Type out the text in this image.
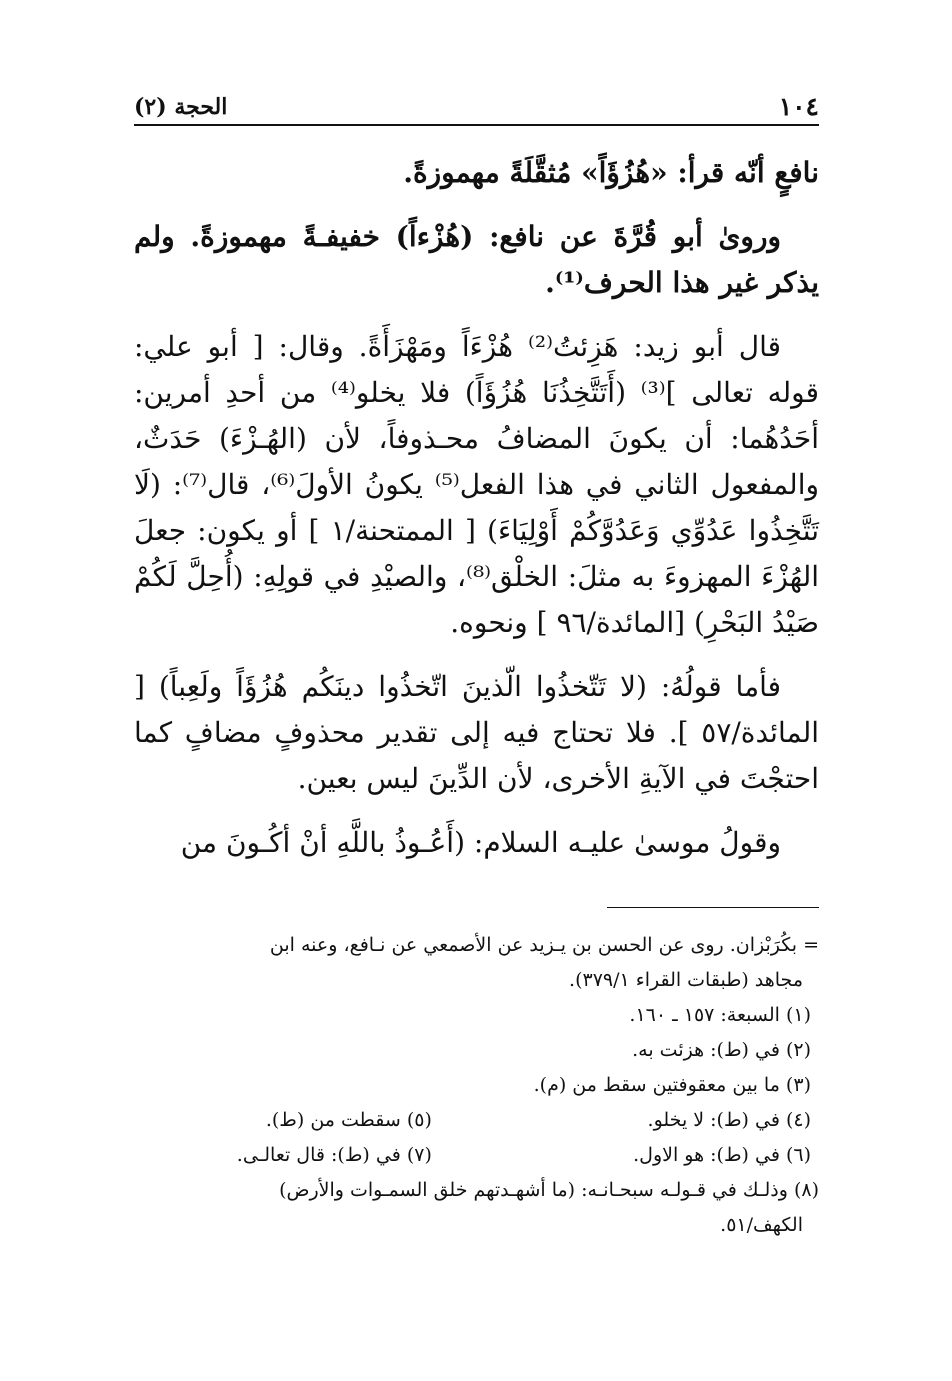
١٠٤
الحجة (٢)

نافعٍ أنّه قرأ: «هُزُؤَاً» مُثقَّلَةً مهموزةً.

وروىٰ أبو قُرَّةَ عن نافع: (هُزْءاً) خفيفـةً مهموزةً. ولم يذكر غير هذا الحرف⁽¹⁾.

قال أبو زيد: هَزِئتُ⁽²⁾ هُزْءَاً ومَهْزَأَةً. وقال: [ أبو علي: قوله تعالى ]⁽³⁾ (أَتَتَّخِذُنَا هُزُؤَاً) فلا يخلو⁽⁴⁾ من أحدِ أمرين: أحَدُهُما: أن يكونَ المضافُ محـذوفاً، لأن (الهُـزْءَ) حَدَثٌ، والمفعول الثاني في هذا الفعل⁽⁵⁾ يكونُ الأولَ⁽⁶⁾، قال⁽⁷⁾: (لَا تَتَّخِذُوا عَدُوِّي وَعَدُوَّكُمْ أَوْلِيَاءَ) [ الممتحنة/١ ] أو يكون: جعلَ الهُزْءَ المهزوءَ به مثلَ: الخلْق⁽⁸⁾، والصيْدِ في قولِهِ: (أُحِلَّ لَكُمْ صَيْدُ البَحْرِ) [المائدة/٩٦ ] ونحوه.

فأما قولُهُ: (لا تَتّخذُوا الّذينَ اتّخذُوا دينَكُم هُزُؤَاً ولَعِباً) [ المائدة/٥٧ ]. فلا تحتاج فيه إلى تقدير محذوفٍ مضافٍ كما احتجْتَ في الآيةِ الأخرى، لأن الدِّينَ ليس بعين.

وقولُ موسىٰ عليـه السلام: (أَعُـوذُ باللَّهِ أنْ أكُـونَ من

= بكُرَبْزان. روى عن الحسن بن يـزيد عن الأصمعي عن نـافع، وعنه ابن

مجاهد (طبقات القراء ٣٧٩/١).

(١) السبعة: ١٥٧ ـ ١٦٠.

(٢) في (ط): هزئت به.

(٣) ما بين معقوفتين سقط من (م).

(٤) في (ط): لا يخلو.
(٥) سقطت من (ط).
(٦) في (ط): هو الاول.
(٧) في (ط): قال تعالـى.

(٨) وذلـك في قـولـه سبحـانـه: (ما أشهـدتهم خلق السمـوات والأرض)

الكهف/٥١.
